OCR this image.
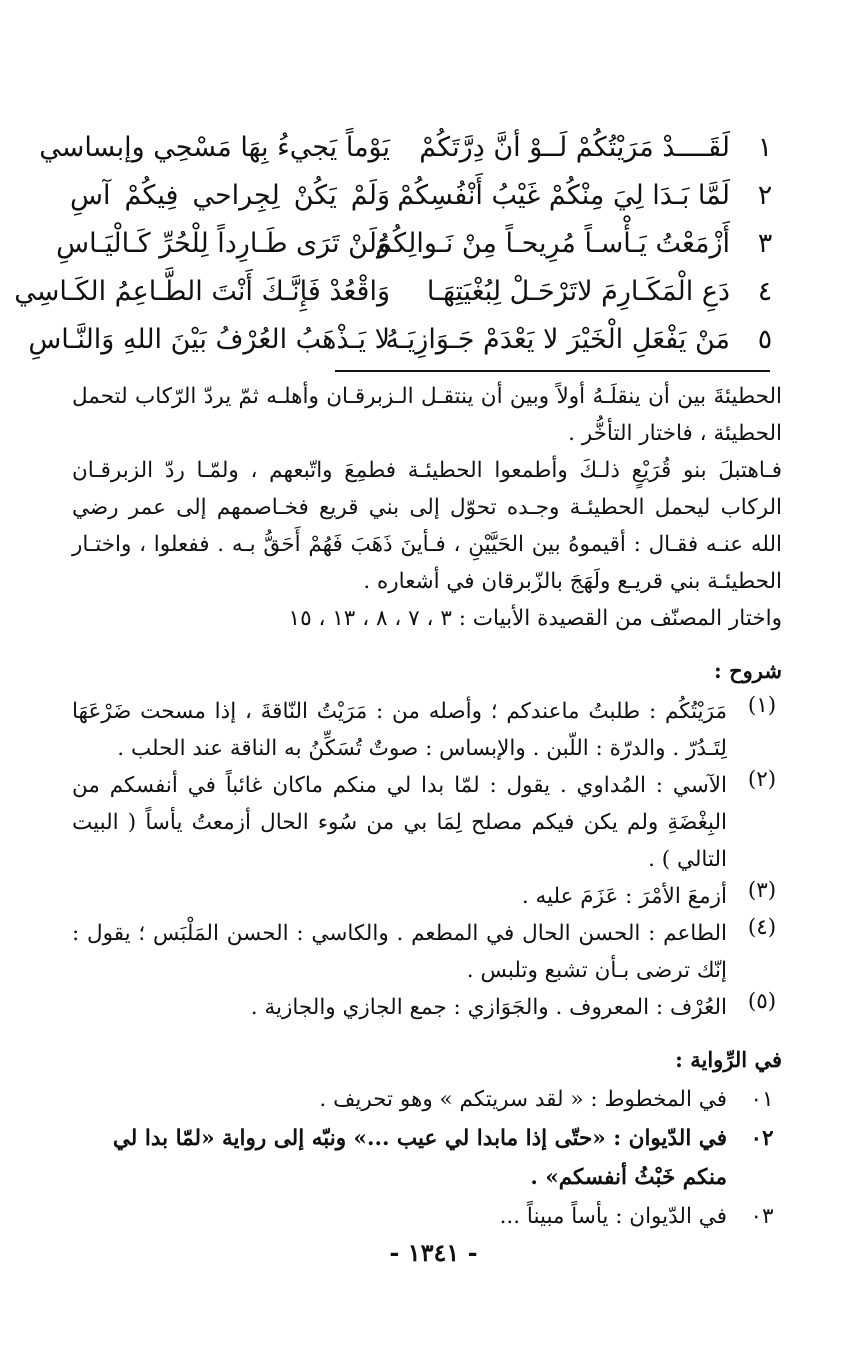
١
لَقَــــدْ مَرَيْتُكُمْ لَــوْ أنَّ دِرَّتَكُمْ
يَوْماً يَجيءُ بِهَا مَسْحِي وإبساسي
٢
لَمَّا بَـدَا لِيَ مِنْكُمْ غَيْبُ أَنْفُسِكُمْ
وَلَمْ يَكُنْ لِجِراحي فِيكُمْ آسِ
٣
أَزْمَعْتُ يَـأْسـاً مُرِيحـاً مِنْ نَـوالِكُمُ
وَلَنْ تَرَى طَـارِداً لِلْحُرِّ كَـالْيَـاسِ
٤
دَعِ الْمَكَـارِمَ لاتَرْحَـلْ لِبُغْيَتِهَـا
وَاقْعُدْ فَإِنَّـكَ أَنْتَ الطَّـاعِمُ الكَـاسِي
٥
مَنْ يَفْعَلِ الْخَيْرَ لا يَعْدَمْ جَـوَازِيَـهُ
لا يَـذْهَبُ العُرْفُ بَيْنَ اللهِ وَالنَّـاسِ

الحطيئةَ بين أن ينقلَـهُ أولاً وبين أن ينتقـل الـزبرقـان وأهلـه ثمّ يردّ الرّكاب لتحمل الحطيئة ، فاختار التأخُّر .

فـاهتبلَ بنو قُرَيْعٍ ذلـكَ وأطمعوا الحطيئـة فطمِعَ واتّبعهم ، ولمّـا ردّ الزبرقـان الركاب ليحمل الحطيئـة وجـده تحوّل إلى بني قريع فخـاصمهم إلى عمر رضي الله عنـه فقـال : أقيموهُ بين الحَيَّيْنِ ، فـأينَ ذَهَبَ فَهُمْ أَحَقُّ بـه . ففعلوا ، واختـار الحطيئـة بني قريـع ولَهَجَ بالزّبرقان في أشعاره .

واختار المصنّف من القصيدة الأبيات : ٣ ، ٧ ، ٨ ، ١٣ ، ١٥

شروح :

(١)

مَرَيْتُكُم : طلبتُ ماعندكم ؛ وأصله من : مَرَيْتُ النّاقةَ ، إذا مسحت ضَرْعَهَا لِتَـدُرّ . والدرّة : اللّبن . والإبساس : صوتٌ تُسَكِّنُ به الناقة عند الحلب .

(٢)

الآسي : المُداوي . يقول : لمّا بدا لي منكم ماكان غائباً في أنفسكم من البِغْضَةِ ولم يكن فيكم مصلح لِمَا بي من سُوء الحال أزمعتُ يأساً ( البيت التالي ) .

(٣)

أزمعَ الأمْرَ : عَزَمَ عليه .

(٤)

الطاعم : الحسن الحال في المطعم . والكاسي : الحسن المَلْبَس ؛ يقول : إنّك ترضى بـأن تشبع وتلبس .

(٥)

العُرْف : المعروف . والجَوَازي : جمع الجازي والجازية .

في الرِّواية :

٠١
في المخطوط : « لقد سريتكم » وهو تحريف .
٠٢
في الدّيوان : «حتّى إذا مابدا لي عيب ...» ونبّه إلى رواية «لمّا بدا لي منكم خَبْثُ أنفسكم» .
٠٣
في الدّيوان : يأساً مبيناً ...
- ١٣٤١ -
